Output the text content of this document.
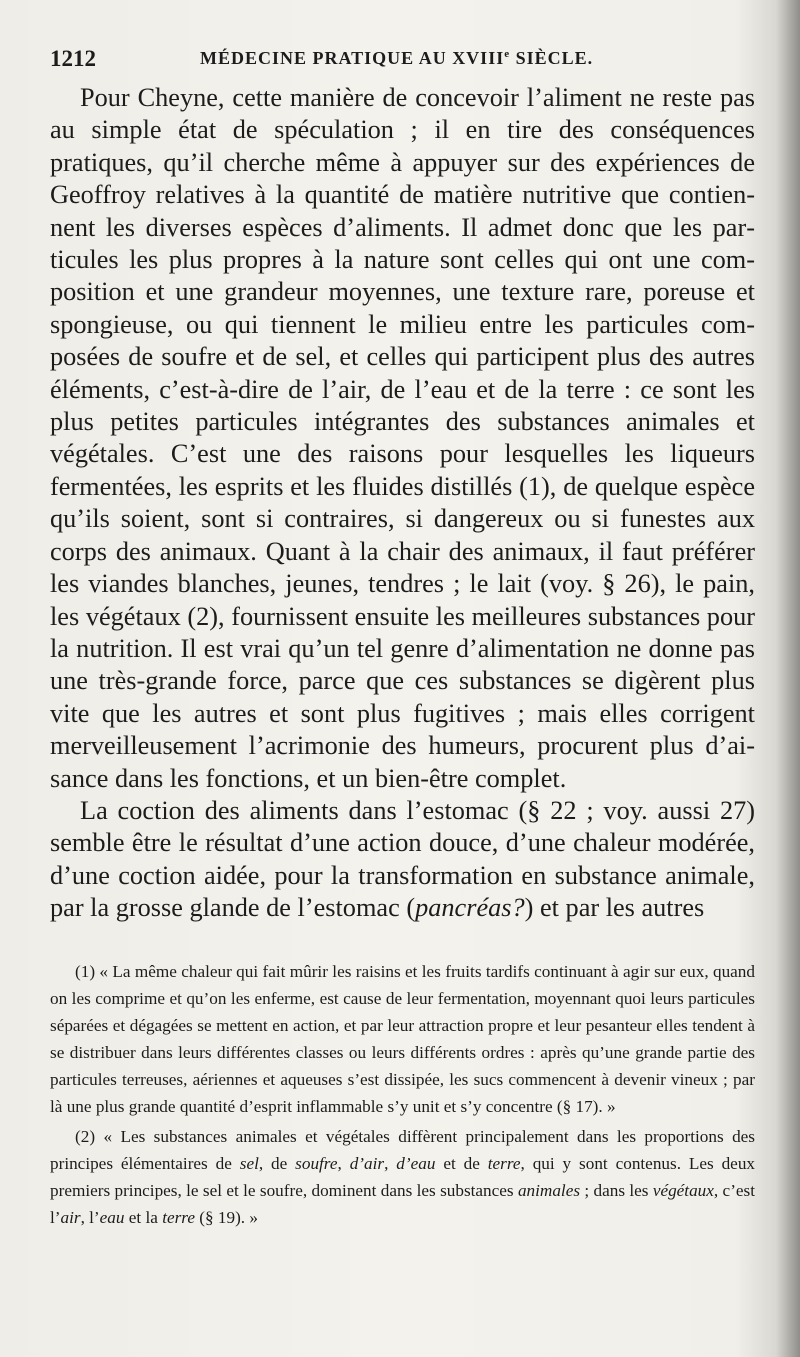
1212	MÉDECINE PRATIQUE AU XVIIIe SIÈCLE.

Pour Cheyne, cette manière de concevoir l’aliment ne reste pas au simple état de spéculation ; il en tire des conséquences pratiques, qu’il cherche même à appuyer sur des expériences de Geoffroy relatives à la quantité de matière nutritive que contiennent les diverses espèces d’aliments. Il admet donc que les particules les plus propres à la nature sont celles qui ont une composition et une grandeur moyennes, une texture rare, poreuse et spongieuse, ou qui tiennent le milieu entre les particules composées de soufre et de sel, et celles qui participent plus des autres éléments, c’est-à-dire de l’air, de l’eau et de la terre : ce sont les plus petites particules intégrantes des substances animales et végétales. C’est une des raisons pour lesquelles les liqueurs fermentées, les esprits et les fluides distillés (1), de quelque espèce qu’ils soient, sont si contraires, si dangereux ou si funestes aux corps des animaux. Quant à la chair des animaux, il faut préférer les viandes blanches, jeunes, tendres ; le lait (voy. § 26), le pain, les végétaux (2), fournissent ensuite les meilleures substances pour la nutrition. Il est vrai qu’un tel genre d’alimentation ne donne pas une très-grande force, parce que ces substances se digèrent plus vite que les autres et sont plus fugitives ; mais elles corrigent merveilleusement l’acrimonie des humeurs, procurent plus d’aisance dans les fonctions, et un bien-être complet.

La coction des aliments dans l’estomac (§ 22 ; voy. aussi 27) semble être le résultat d’une action douce, d’une chaleur modérée, d’une coction aidée, pour la transformation en substance animale, par la grosse glande de l’estomac (pancréas?) et par les autres

(1) « La même chaleur qui fait mûrir les raisins et les fruits tardifs continuant à agir sur eux, quand on les comprime et qu’on les enferme, est cause de leur fermentation, moyennant quoi leurs particules séparées et dégagées se mettent en action, et par leur attraction propre et leur pesanteur elles tendent à se distribuer dans leurs différentes classes ou leurs différents ordres : après qu’une grande partie des particules terreuses, aériennes et aqueuses s’est dissipée, les sucs commencent à devenir vineux ; par là une plus grande quantité d’esprit inflammable s’y unit et s’y concentre (§ 17). »

(2) « Les substances animales et végétales diffèrent principalement dans les proportions des principes élémentaires de sel, de soufre, d’air, d’eau et de terre, qui y sont contenus. Les deux premiers principes, le sel et le soufre, dominent dans les substances animales ; dans les végétaux, c’est l’air, l’eau et la terre (§ 19). »
